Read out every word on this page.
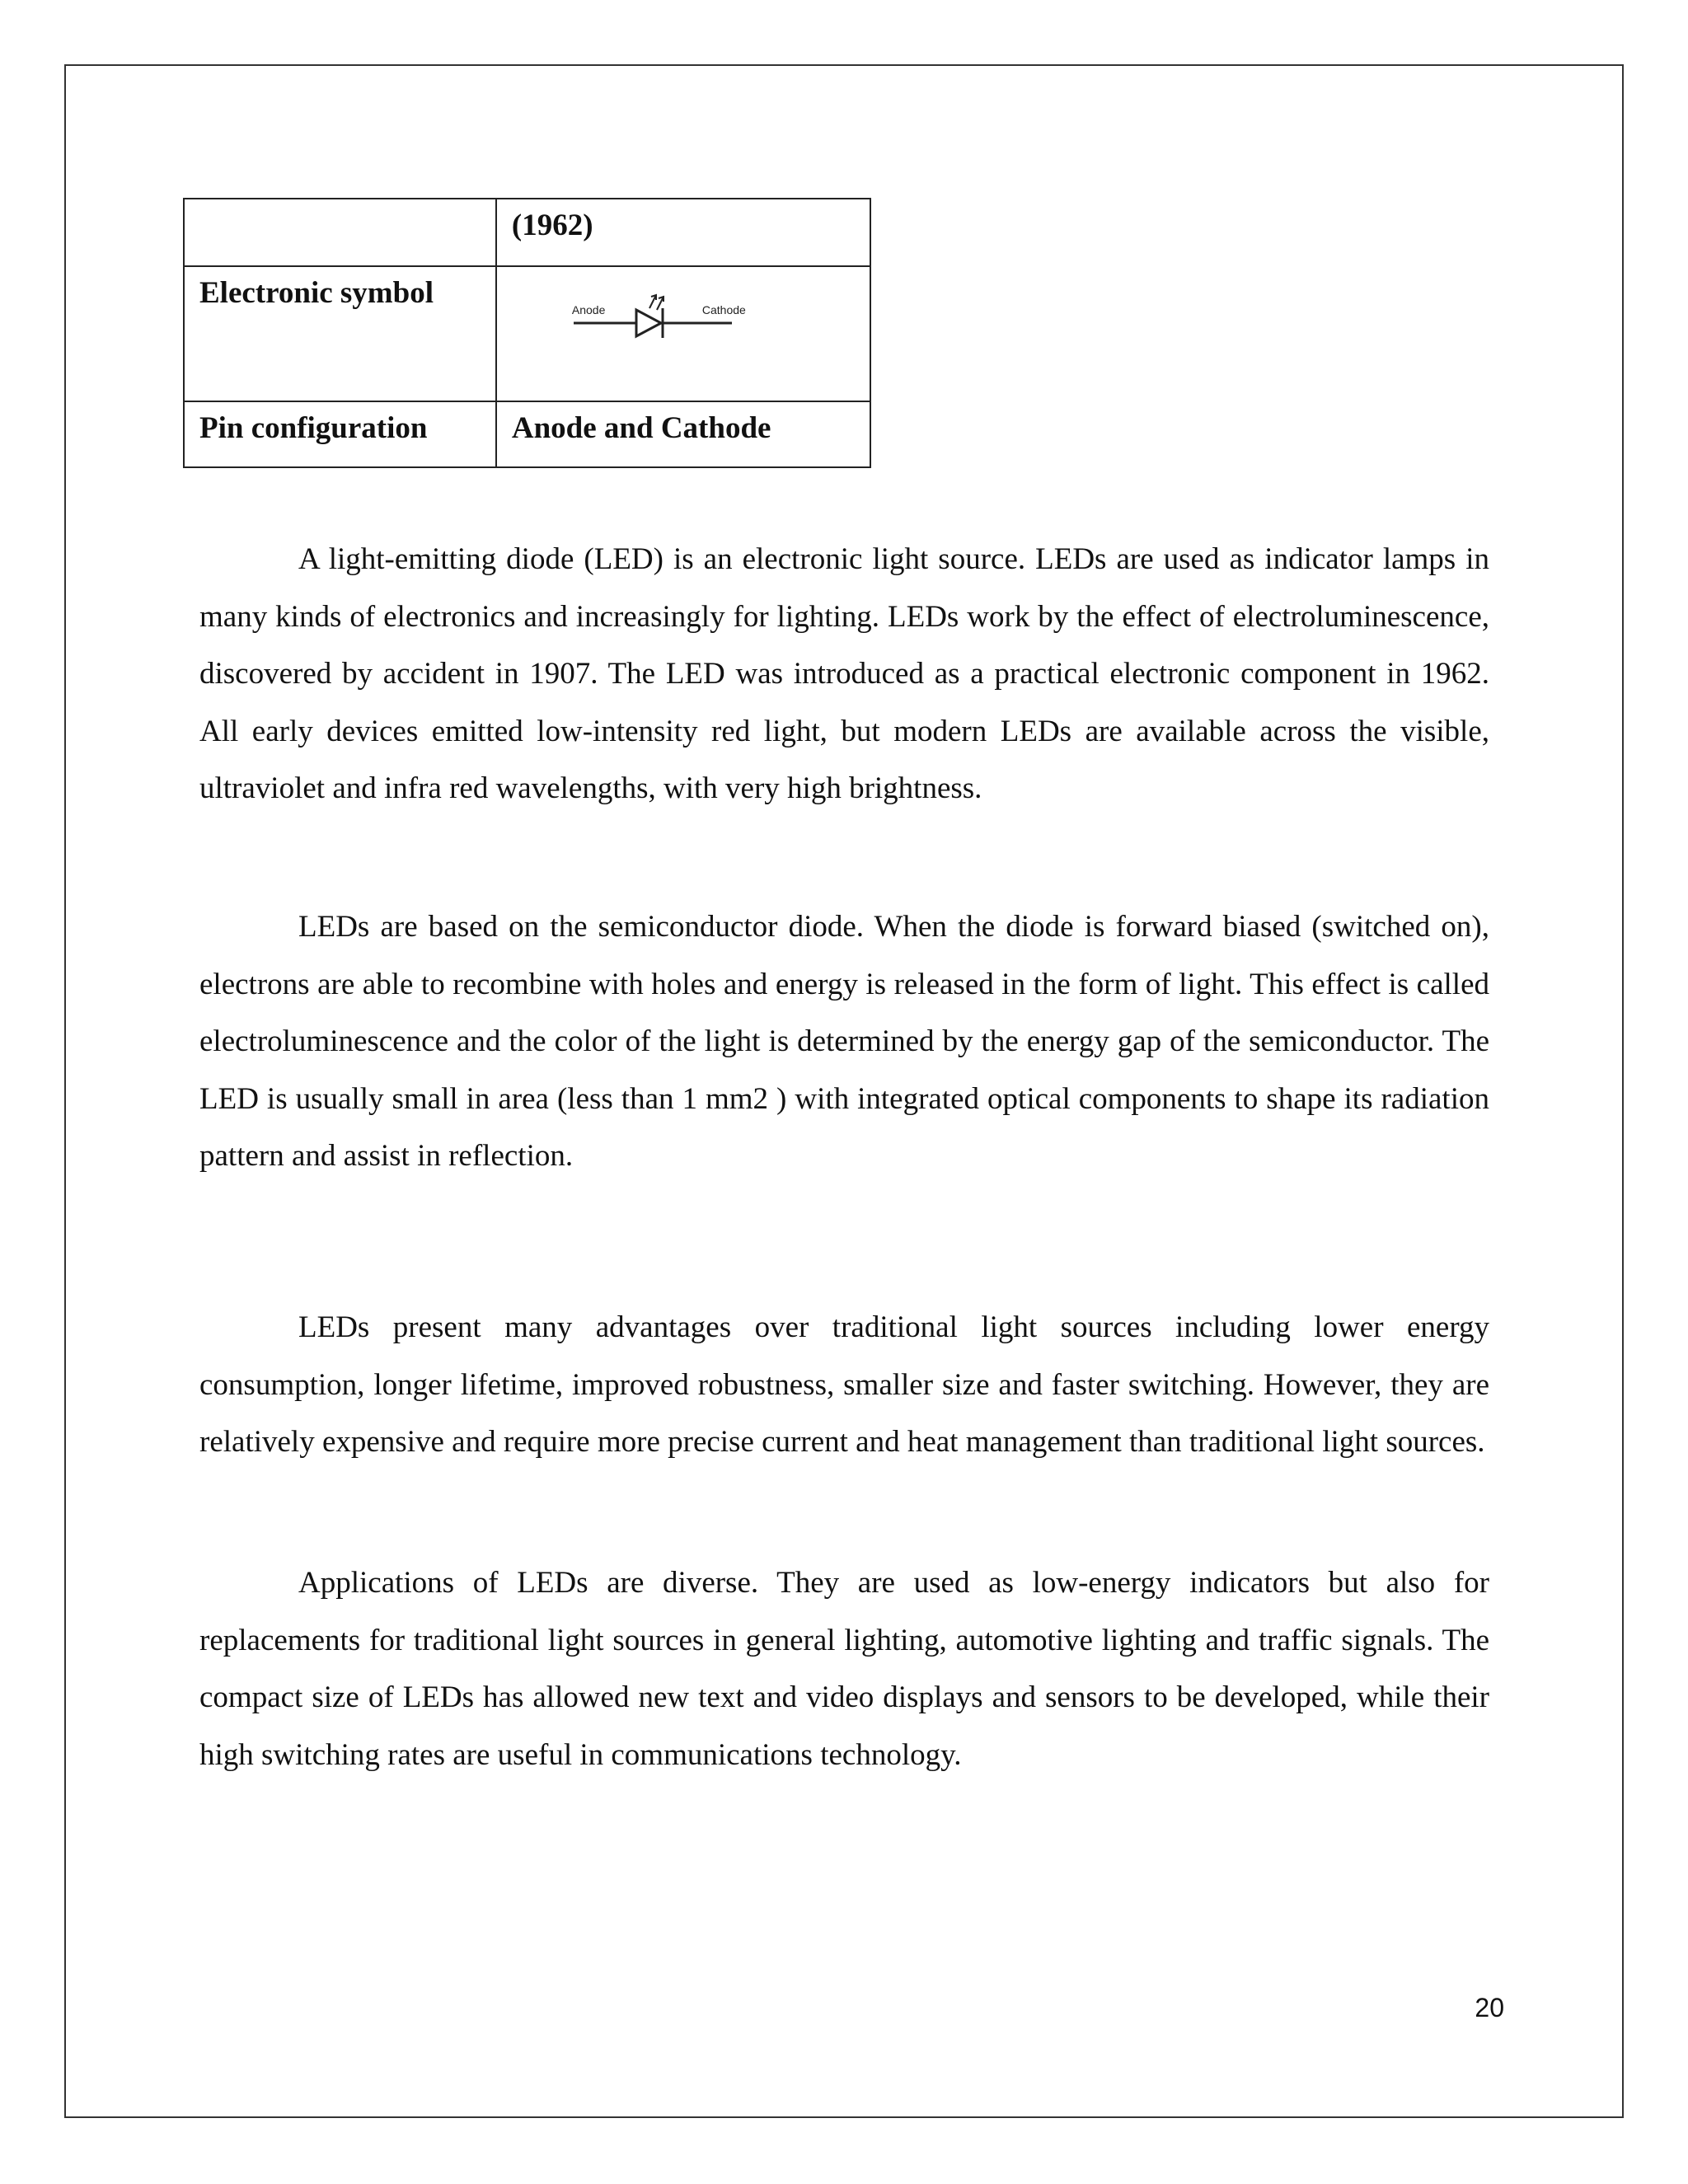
	(1962)
Electronic symbol	Anode Cathode

Pin configuration	Anode and Cathode

A light-emitting diode (LED) is an electronic light source. LEDs are used as indicator lamps in many kinds of electronics and increasingly for lighting. LEDs work by the effect of electroluminescence, discovered by accident in 1907. The LED was introduced as a practical electronic component in 1962. All early devices emitted low-intensity red light, but modern LEDs are available across the visible, ultraviolet and infra red wavelengths, with very high brightness.

LEDs are based on the semiconductor diode. When the diode is forward biased (switched on), electrons are able to recombine with holes and energy is released in the form of light. This effect is called electroluminescence and the color of the light is determined by the energy gap of the semiconductor. The LED is usually small in area (less than 1 mm2 ) with integrated optical components to shape its radiation pattern and assist in reflection.

LEDs present many advantages over traditional light sources including lower energy consumption, longer lifetime, improved robustness, smaller size and faster switching. However, they are relatively expensive and require more precise current and heat management than traditional light sources.

Applications of LEDs are diverse. They are used as low-energy indicators but also for replacements for traditional light sources in general lighting, automotive lighting and traffic signals. The compact size of LEDs has allowed new text and video displays and sensors to be developed, while their high switching rates are useful in communications technology.

20
